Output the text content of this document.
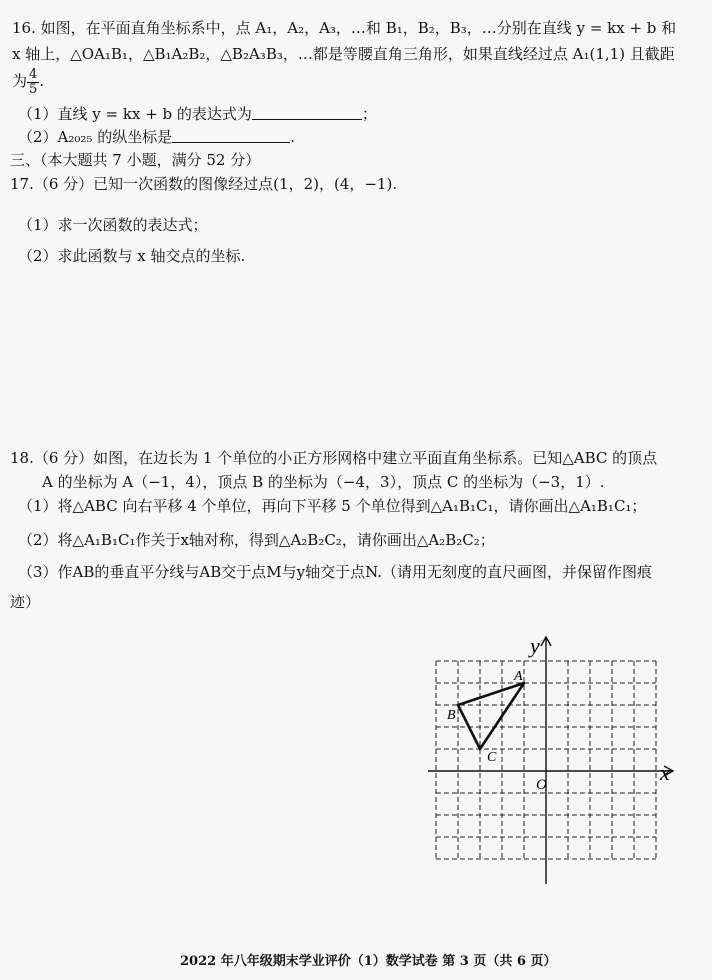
16. 如图，在平面直角坐标系中，点 A₁，A₂，A₃，…和 B₁，B₂，B₃，…分别在直线 y = kx + b 和
x 轴上，△OA₁B₁，△B₁A₂B₂，△B₂A₃B₃，…都是等腰直角三角形，如果直线经过点 A₁(1,1) 且截距
为 $\frac{4}{5}$ .
（1）直线 y = kx + b 的表达式为	；
（2）A₂₀₂₅ 的纵坐标是	.
三、（本大题共 7 小题，满分 52 分）
17.（6 分）已知一次函数的图像经过点(1，2)，(4，−1).
（1）求一次函数的表达式；
（2）求此函数与 x 轴交点的坐标.
18.（6 分）如图，在边长为 1 个单位的小正方形网格中建立平面直角坐标系。已知△ABC 的顶点
A 的坐标为 A（−1，4），顶点 B 的坐标为（−4，3），顶点 C 的坐标为（−3，1）.
（1）将△ABC 向右平移 4 个单位，再向下平移 5 个单位得到△A₁B₁C₁，请你画出△A₁B₁C₁；
（2）将△A₁B₁C₁作关于x轴对称，得到△A₂B₂C₂，请你画出△A₂B₂C₂；
（3）作AB的垂直平分线与AB交于点M与y轴交于点N.（请用无刻度的直尺画图，并保留作图痕
迹）
x
y
O
A
B
C
2022 年八年级期末学业评价（1）数学试卷 第 3 页（共 6 页）
